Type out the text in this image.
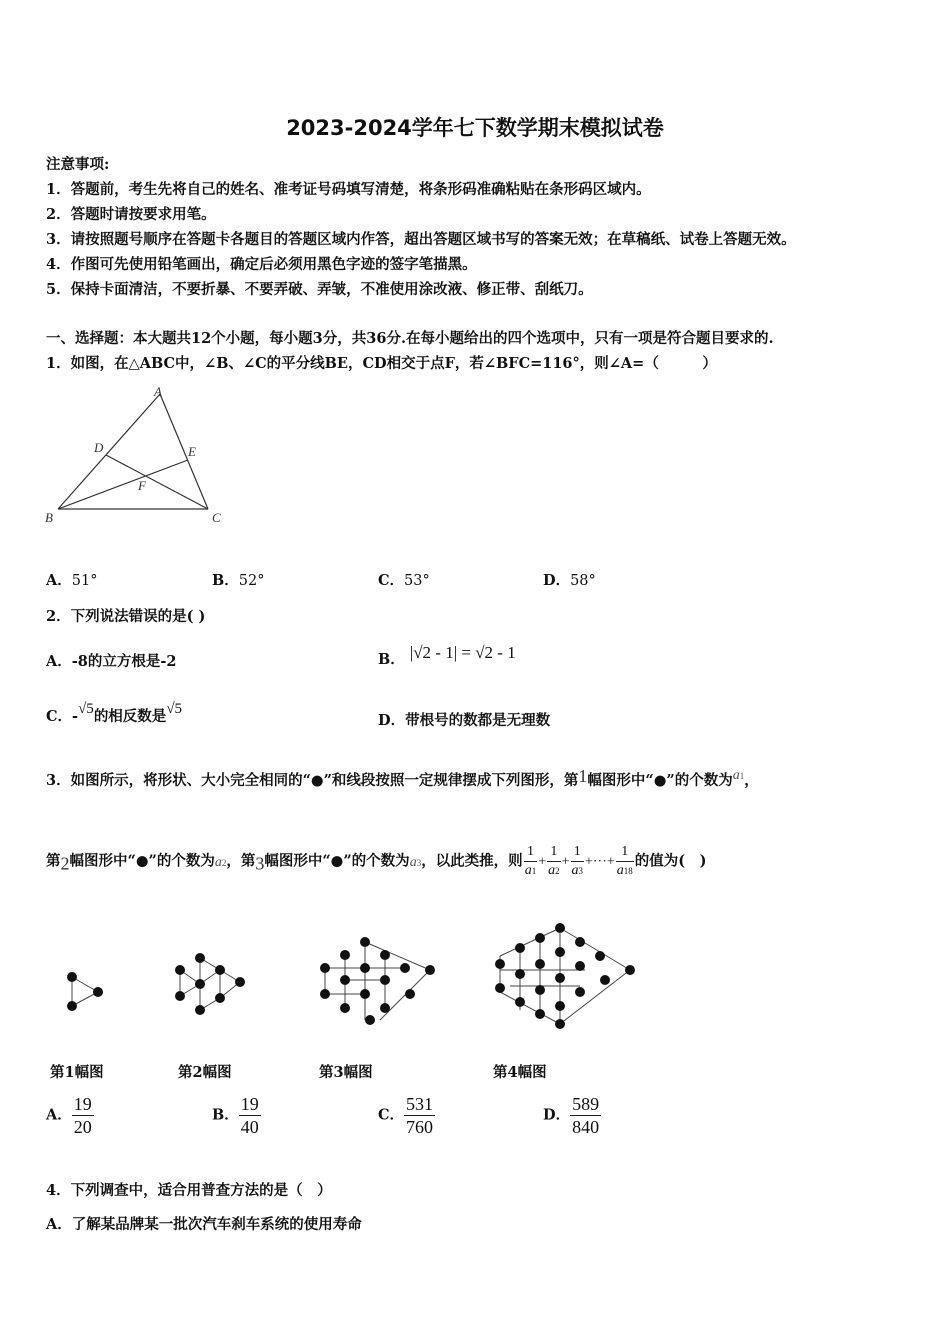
2023-2024学年七下数学期末模拟试卷
注意事项:
1．答题前，考生先将自己的姓名、准考证号码填写清楚，将条形码准确粘贴在条形码区域内。
2．答题时请按要求用笔。
3．请按照题号顺序在答题卡各题目的答题区域内作答，超出答题区域书写的答案无效；在草稿纸、试卷上答题无效。
4．作图可先使用铅笔画出，确定后必须用黑色字迹的签字笔描黑。
5．保持卡面清洁，不要折暴、不要弄破、弄皱，不准使用涂改液、修正带、刮纸刀。
一、选择题：本大题共12个小题，每小题3分，共36分.在每小题给出的四个选项中，只有一项是符合题目要求的.
1．如图，在△ABC中，∠B、∠C的平分线BE，CD相交于点F，若∠BFC=116°，则∠A=（　　　）
A
D	E
F
B	C
A．51°	B．52°	C．53°	D．58°
2．下列说法错误的是( )
A．-8的立方根是-2	B． |√2 - 1| = √2 - 1
C．-√5的相反数是√5
D．带根号的数都是无理数
3．如图所示，将形状、大小完全相同的“●”和线段按照一定规律摆成下列图形，第1幅图形中“●”的个数为a1，
第2幅图形中“●”的个数为a2，第3幅图形中“●”的个数为a3，以此类推，则 $\frac{1}{a1} + \frac{1}{a2} + \frac{1}{a3}$ +···+ $\frac{1}{a18}$ 的值为(　)
第1幅图	第2幅图	第3幅图	第4幅图
A． $\frac{19}{20}$	B． $\frac{19}{40}$	C． $\frac{531}{760}$	D． $\frac{589}{840}$
4．下列调查中，适合用普查方法的是（　）
A．了解某品牌某一批次汽车刹车系统的使用寿命
